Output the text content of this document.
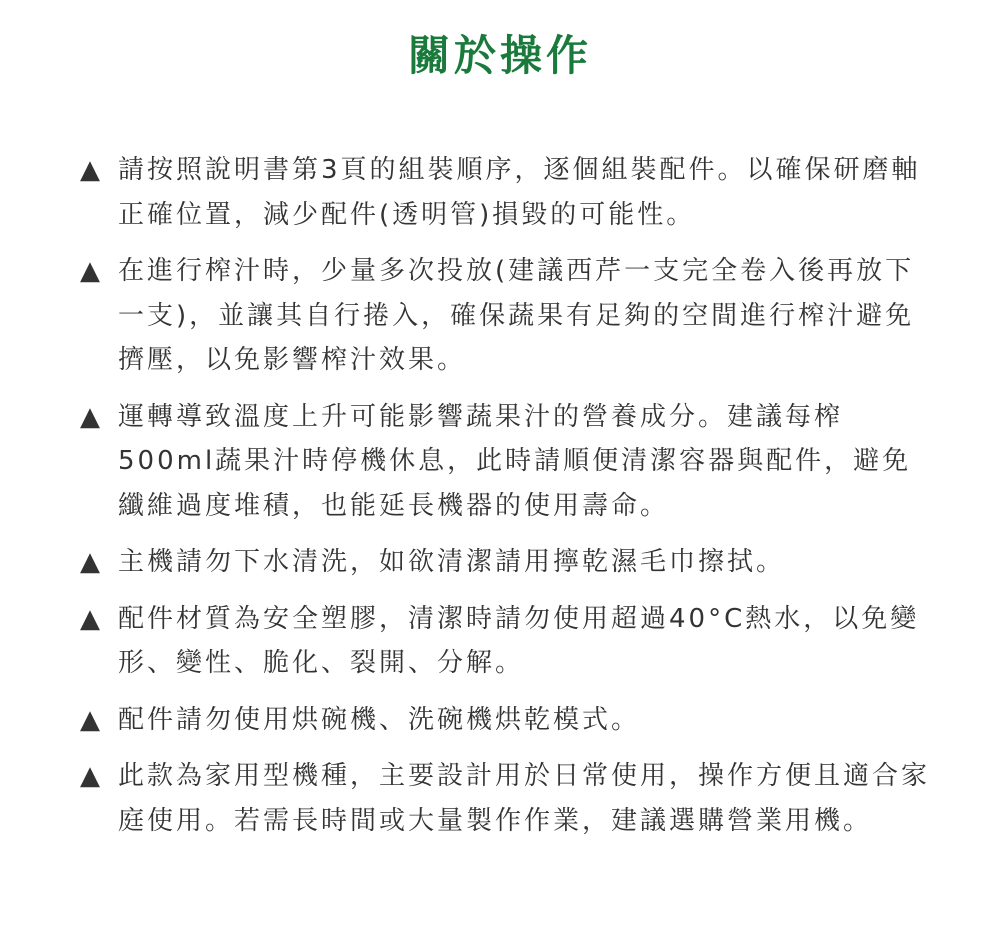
關於操作
▲ 請按照說明書第3頁的組裝順序，逐個組裝配件。以確保研磨軸正確位置，減少配件(透明管)損毀的可能性。
▲ 在進行榨汁時，少量多次投放(建議西芹一支完全卷入後再放下一支)，並讓其自行捲入，確保蔬果有足夠的空間進行榨汁避免擠壓，以免影響榨汁效果。
▲ 運轉導致溫度上升可能影響蔬果汁的營養成分。建議每榨500ml蔬果汁時停機休息，此時請順便清潔容器與配件，避免纖維過度堆積，也能延長機器的使用壽命。
▲ 主機請勿下水清洗，如欲清潔請用擰乾濕毛巾擦拭。
▲ 配件材質為安全塑膠，清潔時請勿使用超過40°C熱水，以免變形、變性、脆化、裂開、分解。
▲ 配件請勿使用烘碗機、洗碗機烘乾模式。
▲ 此款為家用型機種，主要設計用於日常使用，操作方便且適合家庭使用。若需長時間或大量製作作業，建議選購營業用機。
